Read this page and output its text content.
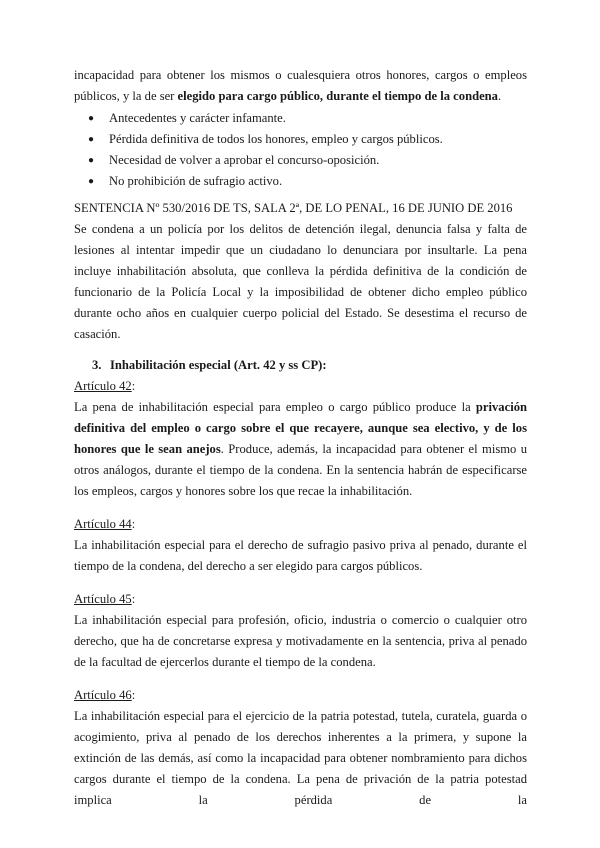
incapacidad para obtener los mismos o cualesquiera otros honores, cargos o empleos públicos, y la de ser elegido para cargo público, durante el tiempo de la condena.

● Antecedentes y carácter infamante.
● Pérdida definitiva de todos los honores, empleo y cargos públicos.
● Necesidad de volver a aprobar el concurso-oposición.
● No prohibición de sufragio activo.

SENTENCIA Nº 530/2016 DE TS, SALA 2ª, DE LO PENAL, 16 DE JUNIO DE 2016

Se condena a un policía por los delitos de detención ilegal, denuncia falsa y falta de lesiones al intentar impedir que un ciudadano lo denunciara por insultarle. La pena incluye inhabilitación absoluta, que conlleva la pérdida definitiva de la condición de funcionario de la Policía Local y la imposibilidad de obtener dicho empleo público durante ocho años en cualquier cuerpo policial del Estado. Se desestima el recurso de casación.

3. Inhabilitación especial (Art. 42 y ss CP):
Artículo 42:

La pena de inhabilitación especial para empleo o cargo público produce la privación definitiva del empleo o cargo sobre el que recayere, aunque sea electivo, y de los honores que le sean anejos. Produce, además, la incapacidad para obtener el mismo u otros análogos, durante el tiempo de la condena. En la sentencia habrán de especificarse los empleos, cargos y honores sobre los que recae la inhabilitación.

Artículo 44:

La inhabilitación especial para el derecho de sufragio pasivo priva al penado, durante el tiempo de la condena, del derecho a ser elegido para cargos públicos.

Artículo 45:

La inhabilitación especial para profesión, oficio, industria o comercio o cualquier otro derecho, que ha de concretarse expresa y motivadamente en la sentencia, priva al penado de la facultad de ejercerlos durante el tiempo de la condena.

Artículo 46:

La inhabilitación especial para el ejercicio de la patria potestad, tutela, curatela, guarda o acogimiento, priva al penado de los derechos inherentes a la primera, y supone la extinción de las demás, así como la incapacidad para obtener nombramiento para dichos cargos durante el tiempo de la condena. La pena de privación de la patria potestad implica la pérdida de la
